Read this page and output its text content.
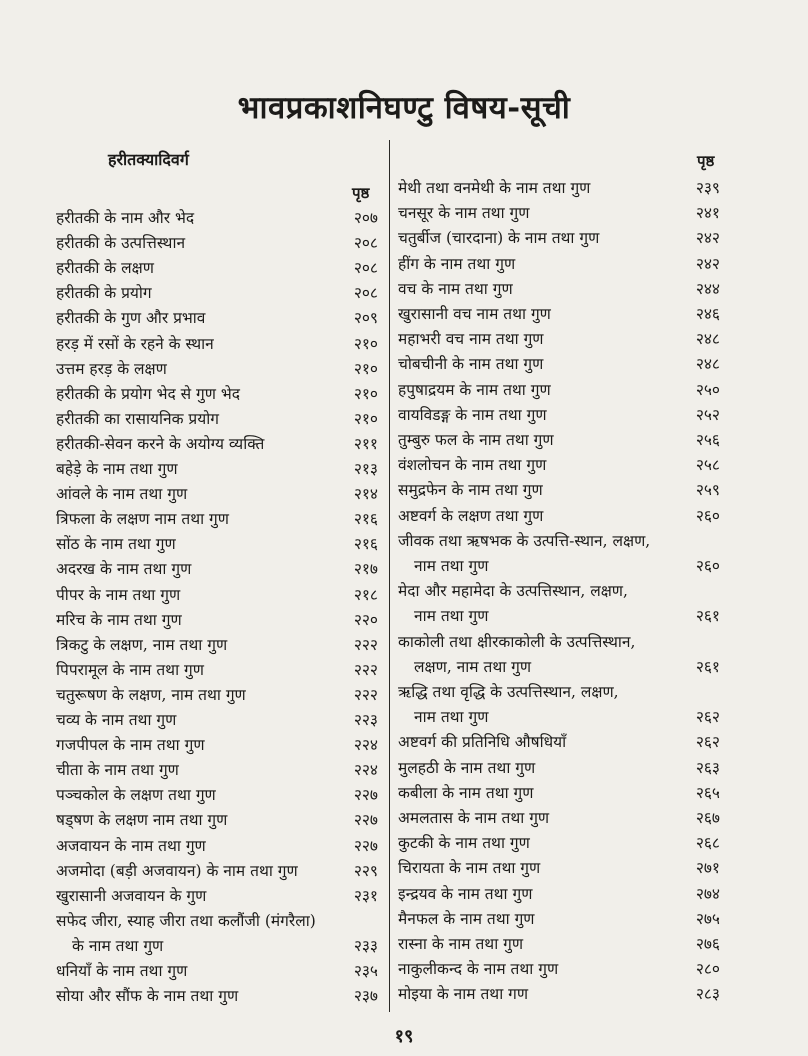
भावप्रकाशनिघण्टु विषय-सूची
हरीतक्यादिवर्ग
पृष्ठ
पृष्ठ
हरीतकी के नाम और भेद	२०७
हरीतकी के उत्पत्तिस्थान	२०८
हरीतकी के लक्षण	२०८
हरीतकी के प्रयोग	२०८
हरीतकी के गुण और प्रभाव	२०९
हरड़ में रसों के रहने के स्थान	२१०
उत्तम हरड़ के लक्षण	२१०
हरीतकी के प्रयोग भेद से गुण भेद	२१०
हरीतकी का रासायनिक प्रयोग	२१०
हरीतकी-सेवन करने के अयोग्य व्यक्ति	२११
बहेड़े के नाम तथा गुण	२१३
आंवले के नाम तथा गुण	२१४
त्रिफला के लक्षण नाम तथा गुण	२१६
सोंठ के नाम तथा गुण	२१६
अदरख के नाम तथा गुण	२१७
पीपर के नाम तथा गुण	२१८
मरिच के नाम तथा गुण	२२०
त्रिकटु के लक्षण, नाम तथा गुण	२२२
पिपरामूल के नाम तथा गुण	२२२
चतुरूषण के लक्षण, नाम तथा गुण	२२२
चव्य के नाम तथा गुण	२२३
गजपीपल के नाम तथा गुण	२२४
चीता के नाम तथा गुण	२२४
पञ्चकोल के लक्षण तथा गुण	२२७
षड्‌षण के लक्षण नाम तथा गुण	२२७
अजवायन के नाम तथा गुण	२२७
अजमोदा (बड़ी अजवायन) के नाम तथा गुण	२२९
खुरासानी अजवायन के गुण	२३१
सफेद जीरा, स्याह जीरा तथा कलौंजी (मंगरैला)
के नाम तथा गुण	२३३
धनियाँ के नाम तथा गुण	२३५
सोया और सौंफ के नाम तथा गुण	२३७
मेथी तथा वनमेथी के नाम तथा गुण	२३९
चनसूर के नाम तथा गुण	२४१
चतुर्बीज (चारदाना) के नाम तथा गुण	२४२
हींग के नाम तथा गुण	२४२
वच के नाम तथा गुण	२४४
खुरासानी वच नाम तथा गुण	२४६
महाभरी वच नाम तथा गुण	२४८
चोबचीनी के नाम तथा गुण	२४८
हपुषाद्रयम के नाम तथा गुण	२५०
वायविडङ्ग के नाम तथा गुण	२५२
तुम्बुरु फल के नाम तथा गुण	२५६
वंशलोचन के नाम तथा गुण	२५८
समुद्रफेन के नाम तथा गुण	२५९
अष्टवर्ग के लक्षण तथा गुण	२६०
जीवक तथा ऋषभक के उत्पत्ति-स्थान, लक्षण,
नाम तथा गुण	२६०
मेदा और महामेदा के उत्पत्तिस्थान, लक्षण,
नाम तथा गुण	२६१
काकोली तथा क्षीरकाकोली के उत्पत्तिस्थान,
लक्षण, नाम तथा गुण	२६१
ऋद्धि तथा वृद्धि के उत्पत्तिस्थान, लक्षण,
नाम तथा गुण	२६२
अष्टवर्ग की प्रतिनिधि औषधियाँ	२६२
मुलहठी के नाम तथा गुण	२६३
कबीला के नाम तथा गुण	२६५
अमलतास के नाम तथा गुण	२६७
कुटकी के नाम तथा गुण	२६८
चिरायता के नाम तथा गुण	२७१
इन्द्रयव के नाम तथा गुण	२७४
मैनफल के नाम तथा गुण	२७५
रास्ना के नाम तथा गुण	२७६
नाकुलीकन्द के नाम तथा गुण	२८०
मोइया के नाम तथा गण	२८३
१९
